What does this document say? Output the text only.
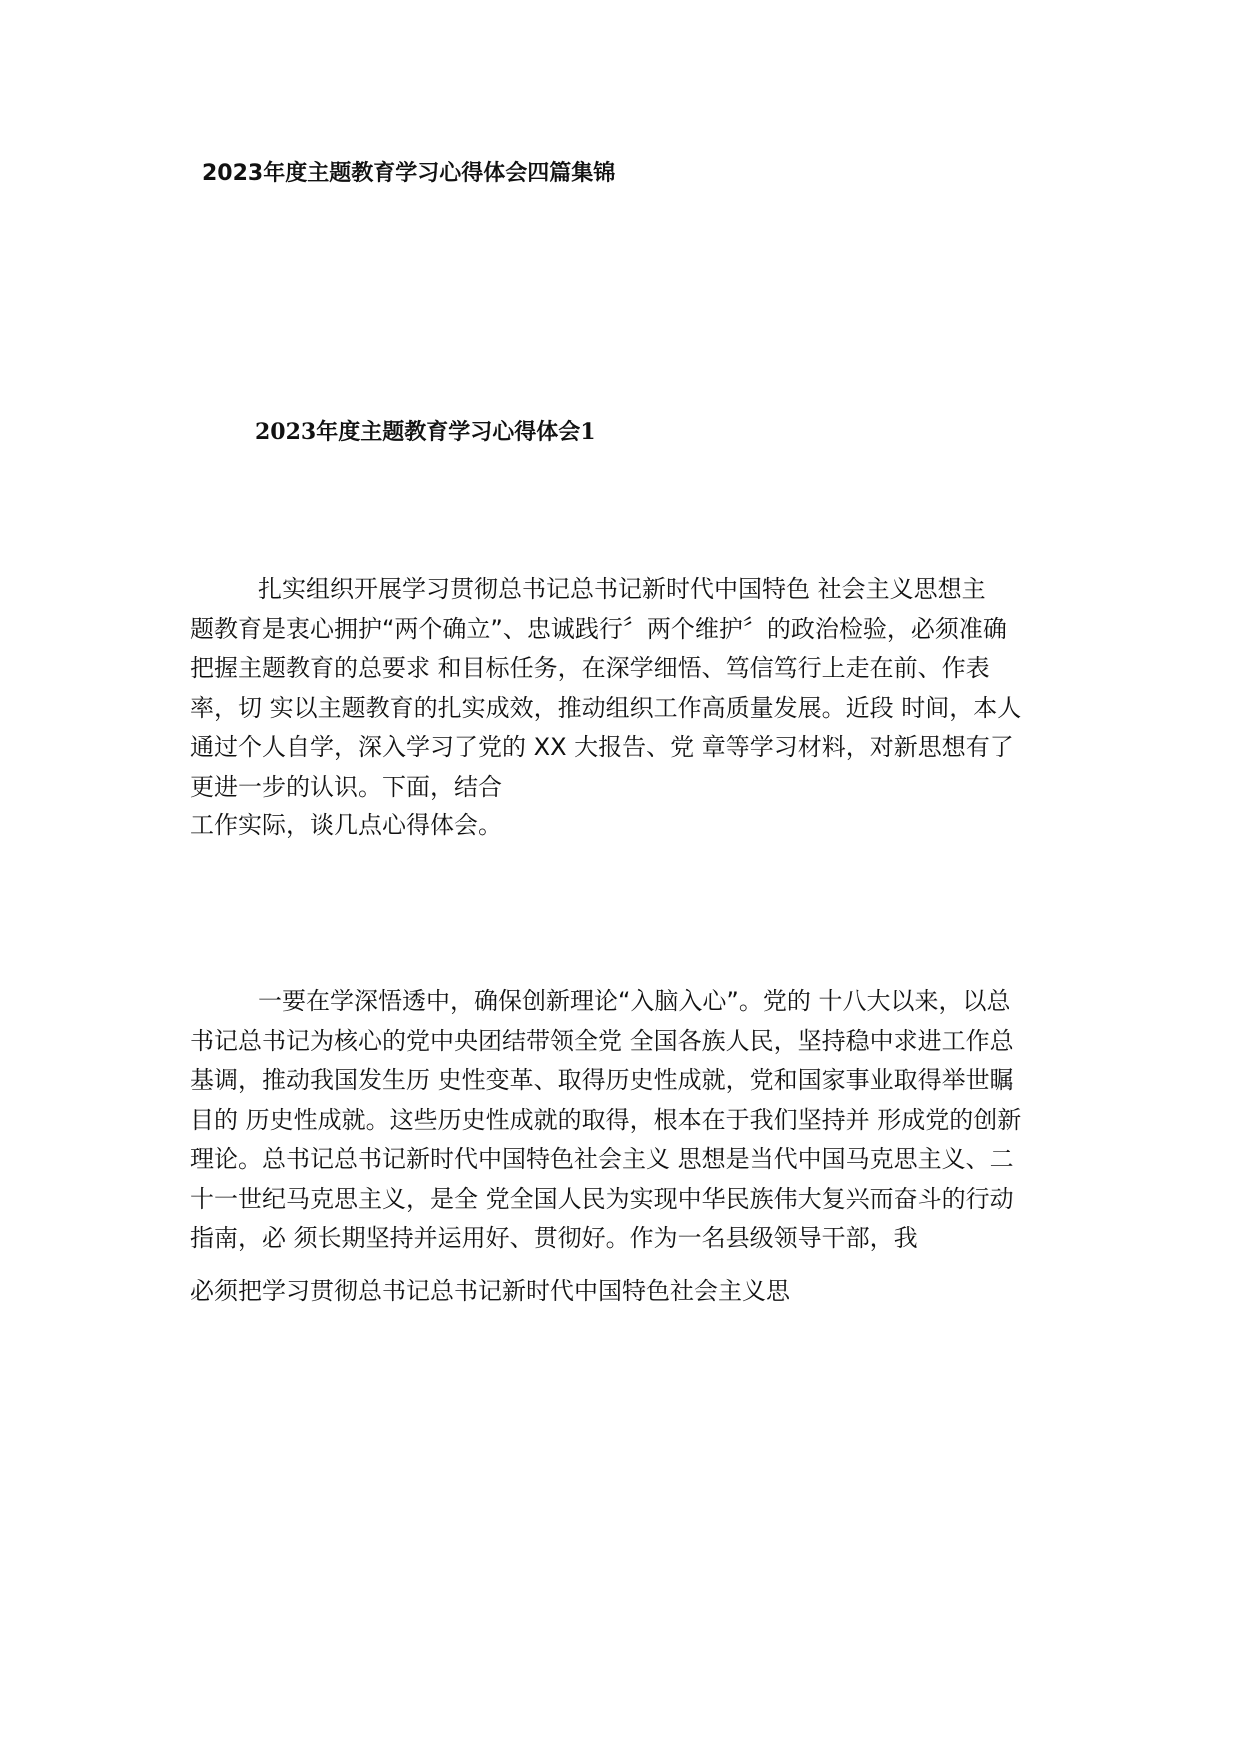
2023年度主题教育学习心得体会四篇集锦
2023年度主题教育学习心得体会1

扎实组织开展学习贯彻总书记总书记新时代中国特色 社会主义思想主
题教育是衷心拥护“两个确立”、忠诚践行〞两个维护〞的政治检验，必须准确
把握主题教育的总要求 和目标任务，在深学细悟、笃信笃行上走在前、作表
率，切 实以主题教育的扎实成效，推动组织工作高质量发展。近段 时间，本人
通过个人自学，深入学习了党的 XX 大报告、党 章等学习材料，对新思想有了
更进一步的认识。下面，结合

工作实际，谈几点心得体会。

一要在学深悟透中，确保创新理论“入脑入心”。党的 十八大以来，以总
书记总书记为核心的党中央团结带领全党 全国各族人民，坚持稳中求进工作总
基调，推动我国发生历 史性变革、取得历史性成就，党和国家事业取得举世瞩
目的 历史性成就。这些历史性成就的取得，根本在于我们坚持并 形成党的创新
理论。总书记总书记新时代中国特色社会主义 思想是当代中国马克思主义、二
十一世纪马克思主义，是全 党全国人民为实现中华民族伟大复兴而奋斗的行动
指南，必 须长期坚持并运用好、贯彻好。作为一名县级领导干部，我

必须把学习贯彻总书记总书记新时代中国特色社会主义思
